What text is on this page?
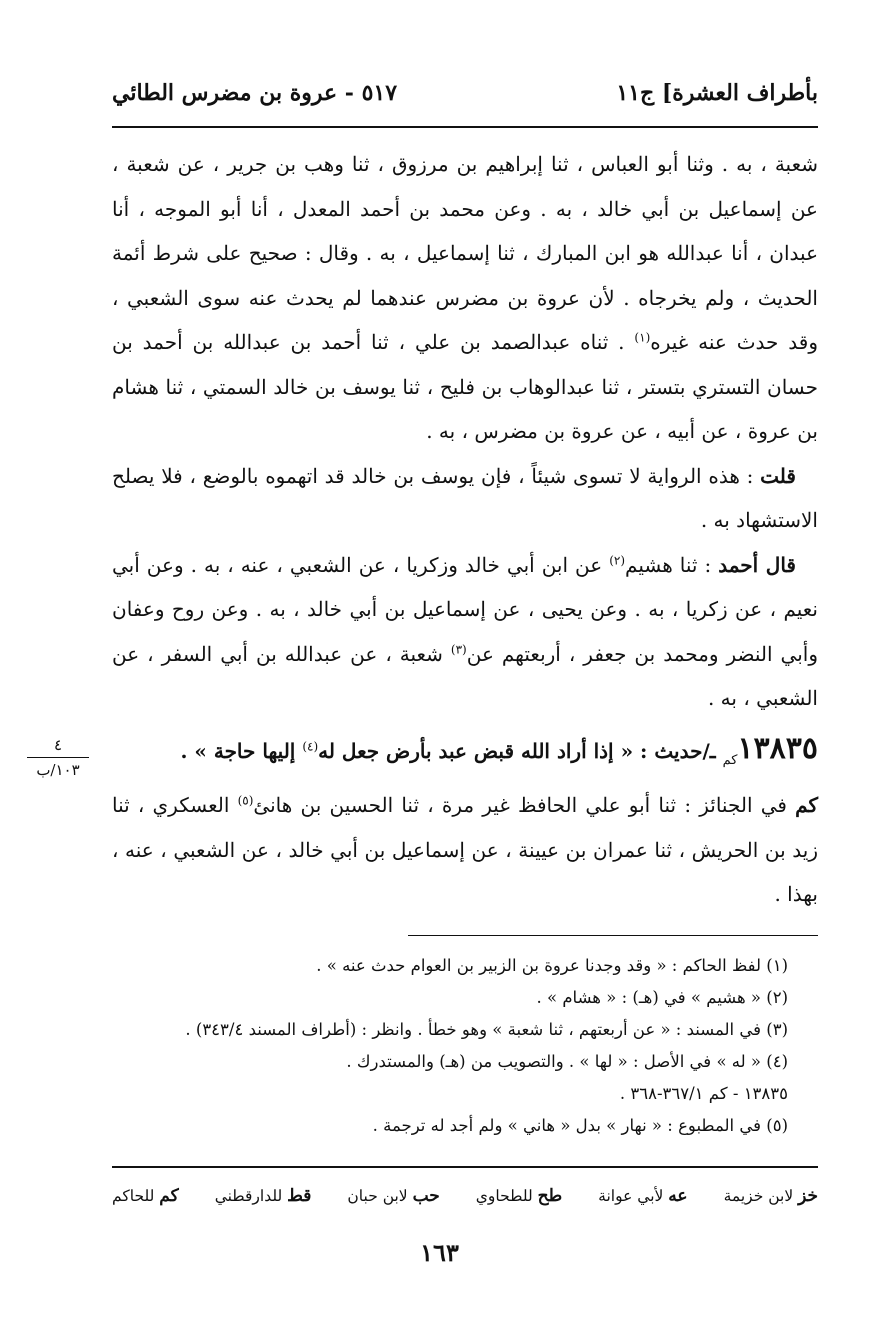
بأطراف العشرة] ج١١
٥١٧ - عروة بن مضرس الطائي

شعبة ، به . وثنا أبو العباس ، ثنا إبراهيم بن مرزوق ، ثنا وهب بن جرير ، عن شعبة ، عن إسماعيل بن أبي خالد ، به . وعن محمد بن أحمد المعدل ، أنا أبو الموجه ، أنا عبدان ، أنا عبدالله هو ابن المبارك ، ثنا إسماعيل ، به . وقال : صحيح على شرط أئمة الحديث ، ولم يخرجاه . لأن عروة بن مضرس عندهما لم يحدث عنه سوى الشعبي ، وقد حدث عنه غيره$^{(١)}$ . ثناه عبدالصمد بن علي ، ثنا أحمد بن عبدالله بن أحمد بن حسان التستري بتستر ، ثنا عبدالوهاب بن فليح ، ثنا يوسف بن خالد السمتي ، ثنا هشام بن عروة ، عن أبيه ، عن عروة بن مضرس ، به .

قلت : هذه الرواية لا تسوى شيئاً ، فإن يوسف بن خالد قد اتهموه بالوضع ، فلا يصلح الاستشهاد به .

قال أحمد : ثنا هشيم$^{(٢)}$ عن ابن أبي خالد وزكريا ، عن الشعبي ، عنه ، به . وعن أبي نعيم ، عن زكريا ، به . وعن يحيى ، عن إسماعيل بن أبي خالد ، به . وعن روح وعفان وأبي النضر ومحمد بن جعفر ، أربعتهم عن$^{(٣)}$ شعبة ، عن عبدالله بن أبي السفر ، عن الشعبي ، به .

$١٣٨٣٥_{كم}$ ـ/حديث : « إذا أراد الله قبض عبد بأرض جعل له$^{(٤)}$ إليها حاجة » .

كم في الجنائز : ثنا أبو علي الحافظ غير مرة ، ثنا الحسين بن هانئ$^{(٥)}$ العسكري ، ثنا زيد بن الحريش ، ثنا عمران بن عيينة ، عن إسماعيل بن أبي خالد ، عن الشعبي ، عنه ، بهذا .

٤
١٠٣/ب
(١) لفظ الحاكم : « وقد وجدنا عروة بن الزبير بن العوام حدث عنه » .
(٢) « هشيم » في (هـ) : « هشام » .
(٣) في المسند : « عن أربعتهم ، ثنا شعبة » وهو خطأ . وانظر : (أطراف المسند ٣٤٣/٤) .
(٤) « له » في الأصل : « لها » . والتصويب من (هـ) والمستدرك .
١٣٨٣٥ - كم ٣٦٧/١-٣٦٨ .
(٥) في المطبوع : « نهار » بدل « هاني » ولم أجد له ترجمة .
خز لابن خزيمة
عه لأبي عوانة
طح للطحاوي
حب لابن حبان
قط للدارقطني
كم للحاكم
١٦٣
